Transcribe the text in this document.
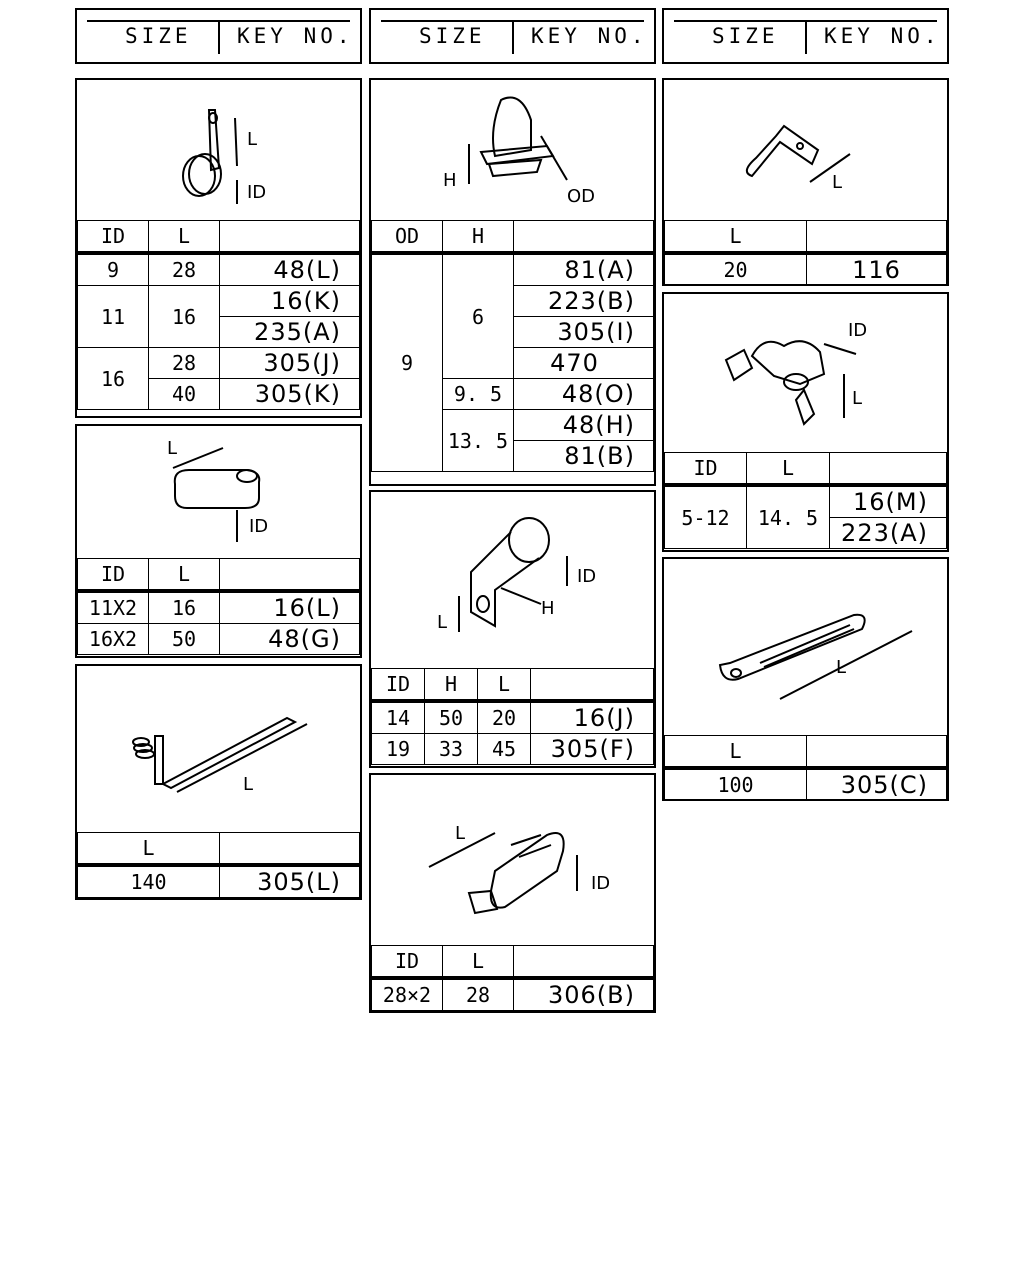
SIZE KEY NO.	SIZE KEY NO.	SIZE KEY NO.
L
ID
ID	L	
9	28	48(L)
11	16	16(K)
		235(A)
16	28	305(J)
	40	305(K)
L
ID
ID	L	
11X2	16	16(L)
16X2	50	48(G)
L
L	
140	305(L)
H
OD
OD	H	
9	6	81(A)
		223(B)
		305(I)
		470
	9. 5	48(O)
	13. 5	48(H)
		81(B)
L
ID
H
ID	H	L	
14	50	20	16(J)
19	33	45	305(F)
L
ID
ID	L	
28×2	28	306(B)
L
L	
20	116
ID
L
ID	L	
5-12	14. 5	16(M)
		223(A)
L
L	
100	305(C)
